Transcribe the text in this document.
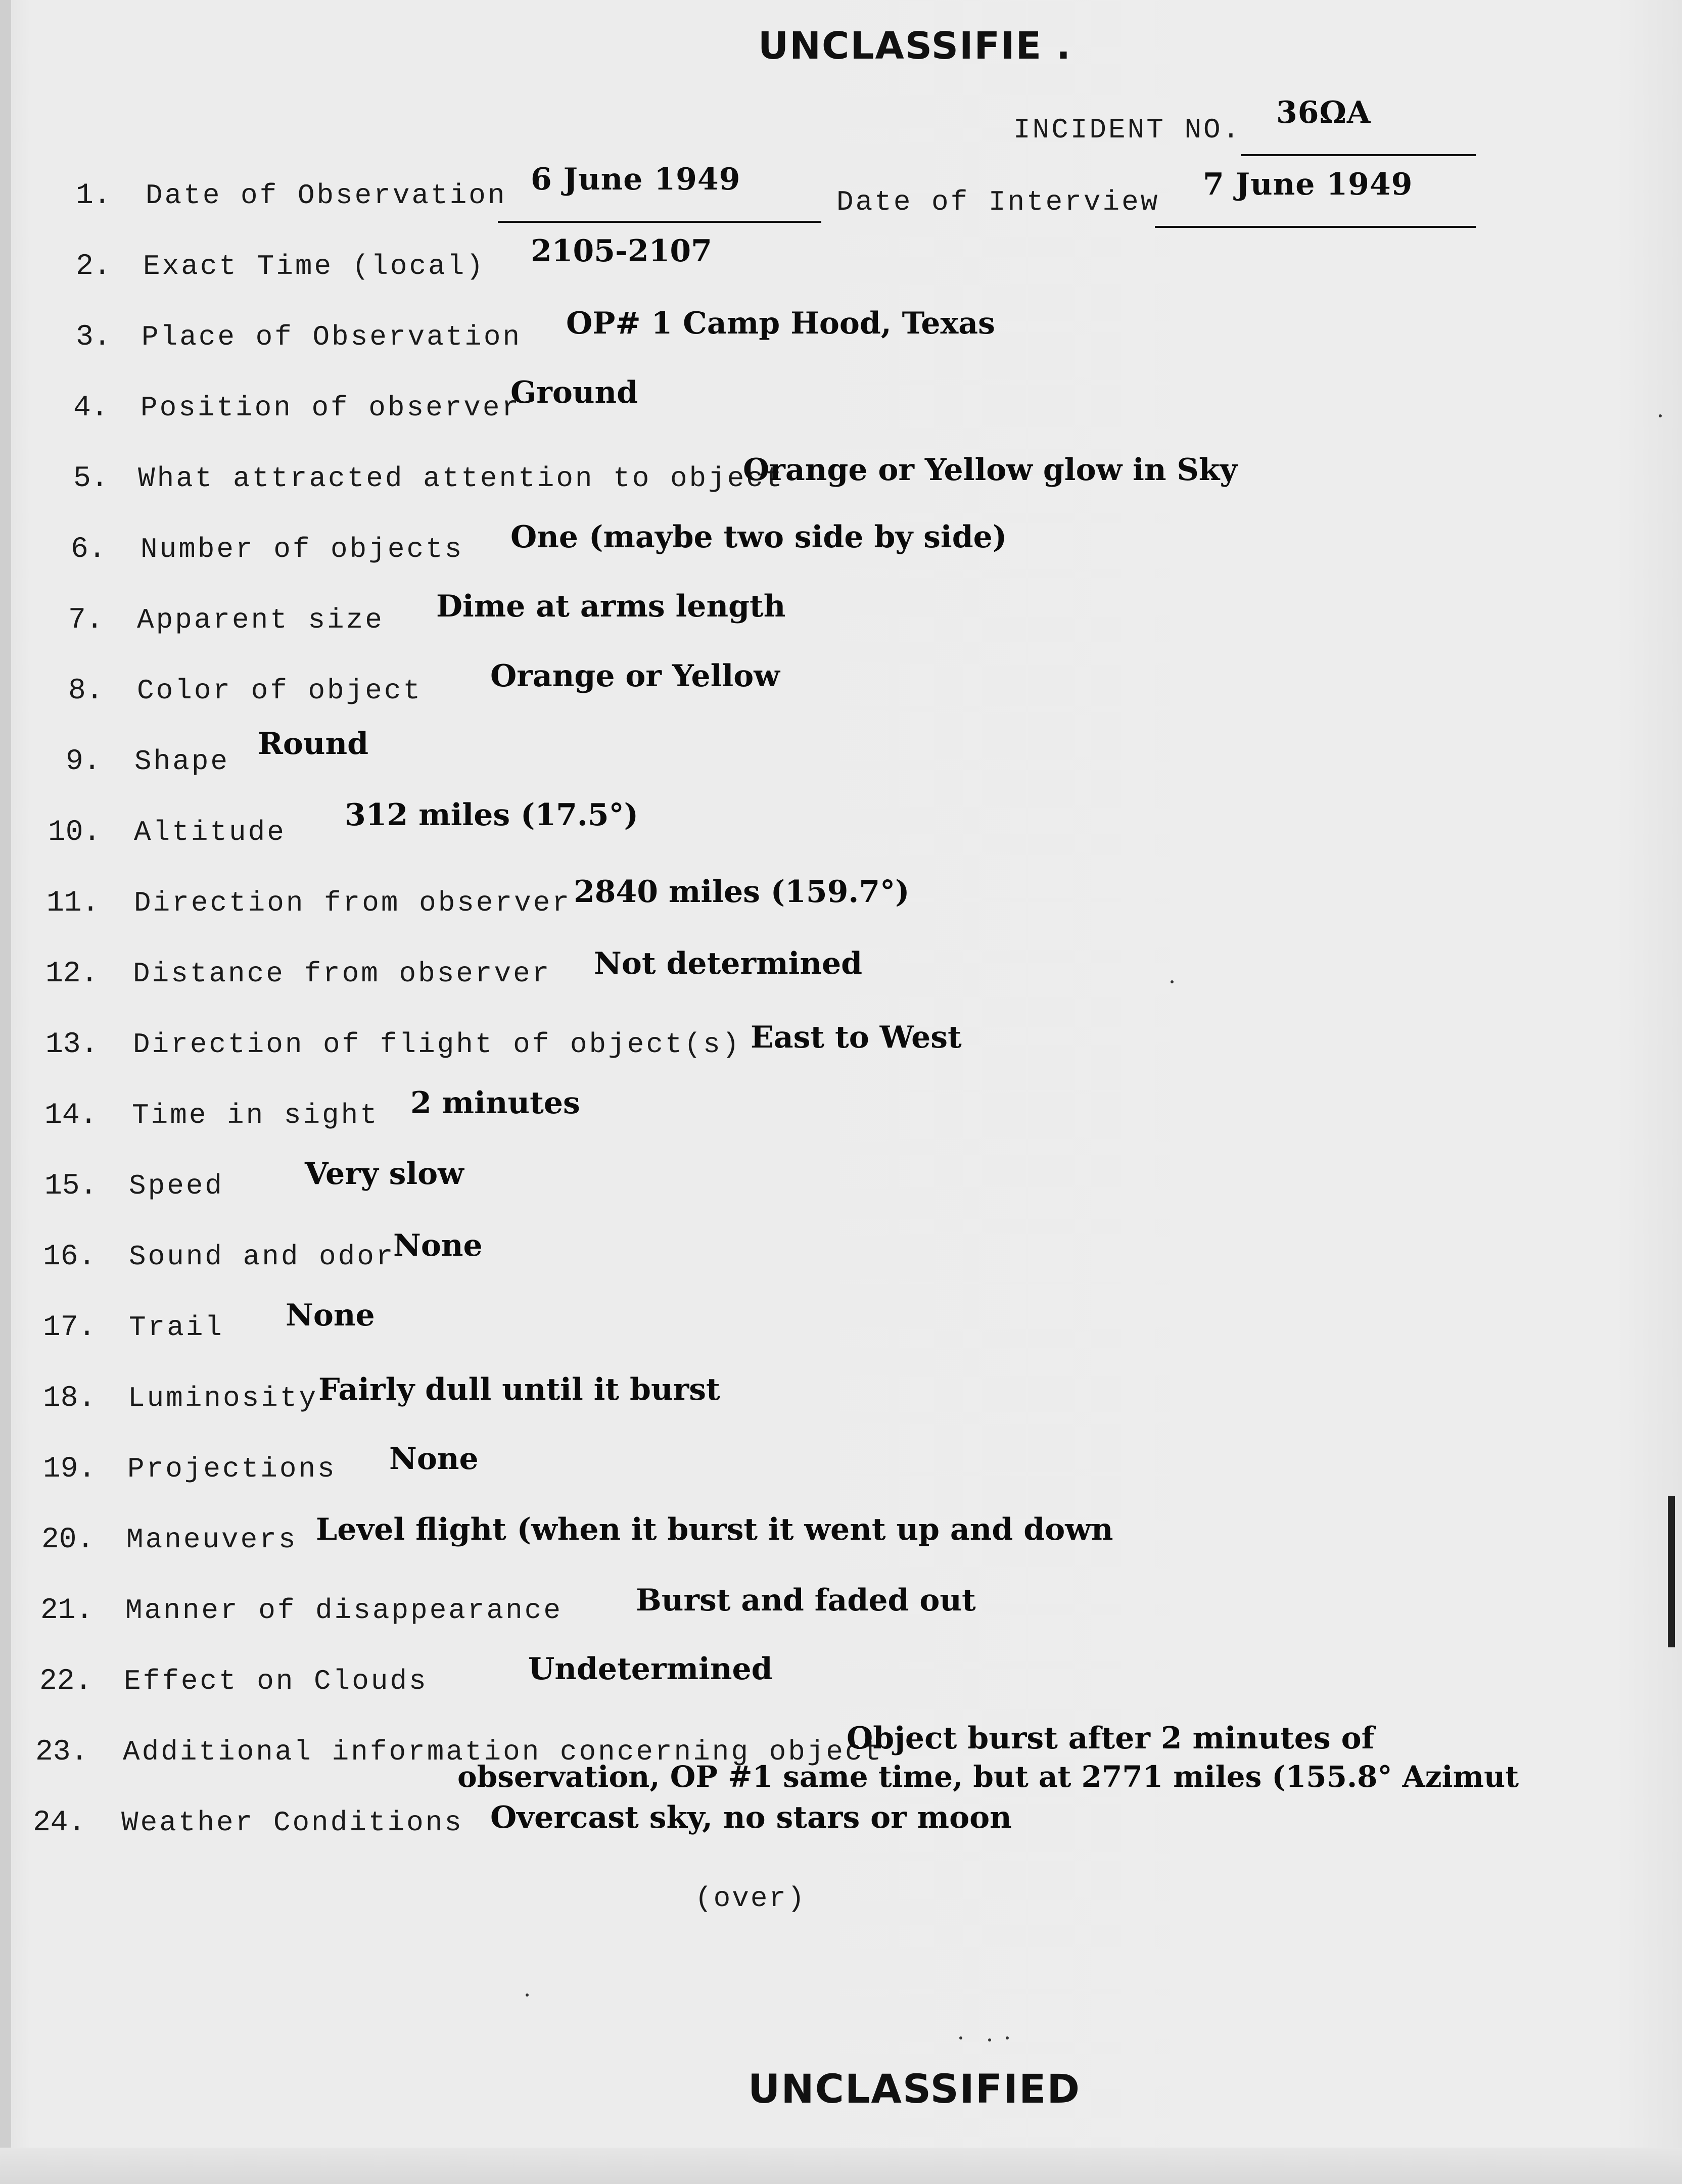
UNCLASSIFIE .
INCIDENT NO. 36ΩA
1. Date of Observation 6 June 1949
Date of Interview 7 June 1949
2. Exact Time (local) 2105-2107
3. Place of Observation OP# 1 Camp Hood, Texas
4. Position of observer
Ground
5. What attracted attention to object
Orange or Yellow glow in Sky
6. Number of objects One (maybe two side by side)
7. Apparent size Dime at arms length
8. Color of object Orange or Yellow
9. Shape Round
10. Altitude 312 miles (17.5°)
11. Direction from observer 2840 miles (159.7°)
12. Distance from observer Not determined
13. Direction of flight of object(s) East to West
14. Time in sight 2 minutes
15. Speed	Very slow
16. Sound and odor
None
17. Trail None
18. Luminosity Fairly dull until it burst
19. Projections None
20. Maneuvers Level flight (when it burst it went up and down
21. Manner of disappearance Burst and faded out
22. Effect on Clouds	Undetermined
23. Additional information concerning object
Object burst after 2 minutes of
observation, OP #1 same time, but at 2771 miles (155.8° Azimut
24. Weather Conditions Overcast sky, no stars or moon
(over)
UNCLASSIFIED
